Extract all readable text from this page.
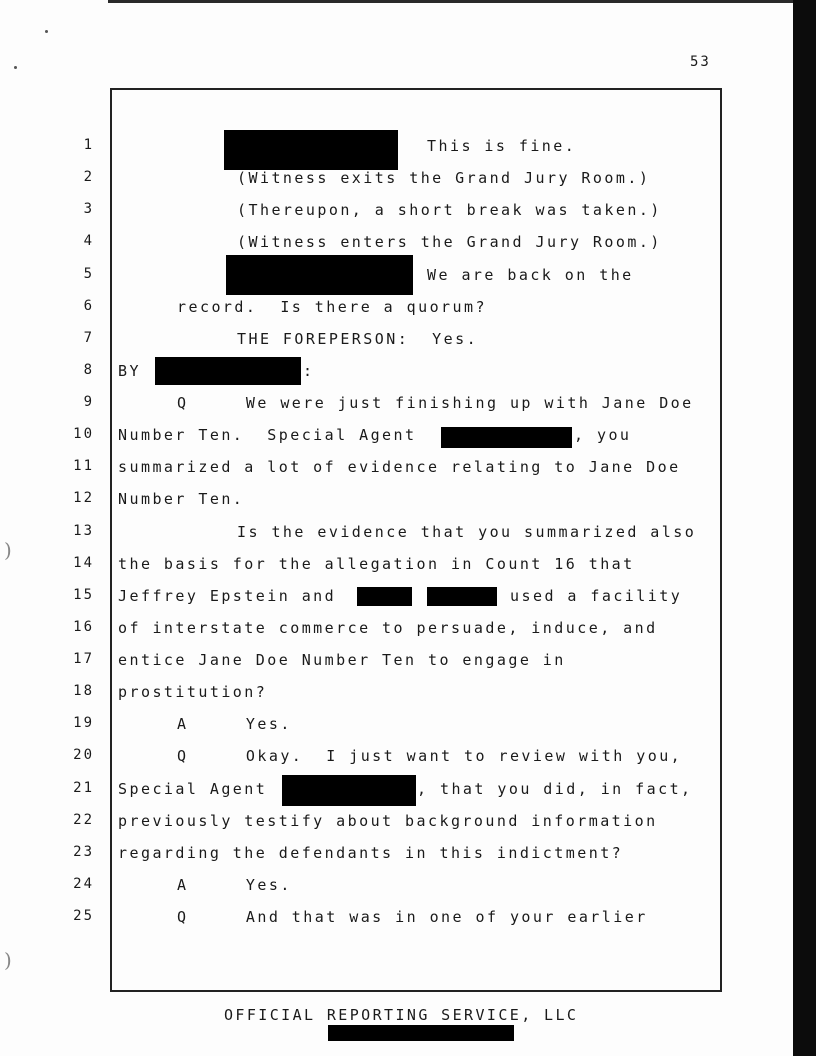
)
)
53
1
2
3
4
5
6
7
8
9
10
11
12
13
14
15
16
17
18
19
20
21
22
23
24
25
This is fine.
(Witness exits the Grand Jury Room.)
(Thereupon, a short break was taken.)
(Witness enters the Grand Jury Room.)
We are back on the
record.  Is there a quorum?
THE FOREPERSON:  Yes.
BY	:
Q     We were just finishing up with Jane Doe
Number Ten.  Special Agent	, you
summarized a lot of evidence relating to Jane Doe
Number Ten.
Is the evidence that you summarized also
the basis for the allegation in Count 16 that
Jeffrey Epstein and	used a facility
of interstate commerce to persuade, induce, and
entice Jane Doe Number Ten to engage in
prostitution?
A     Yes.
Q     Okay.  I just want to review with you,
Special Agent	, that you did, in fact,
previously testify about background information
regarding the defendants in this indictment?
A     Yes.
Q     And that was in one of your earlier
OFFICIAL REPORTING SERVICE, LLC
